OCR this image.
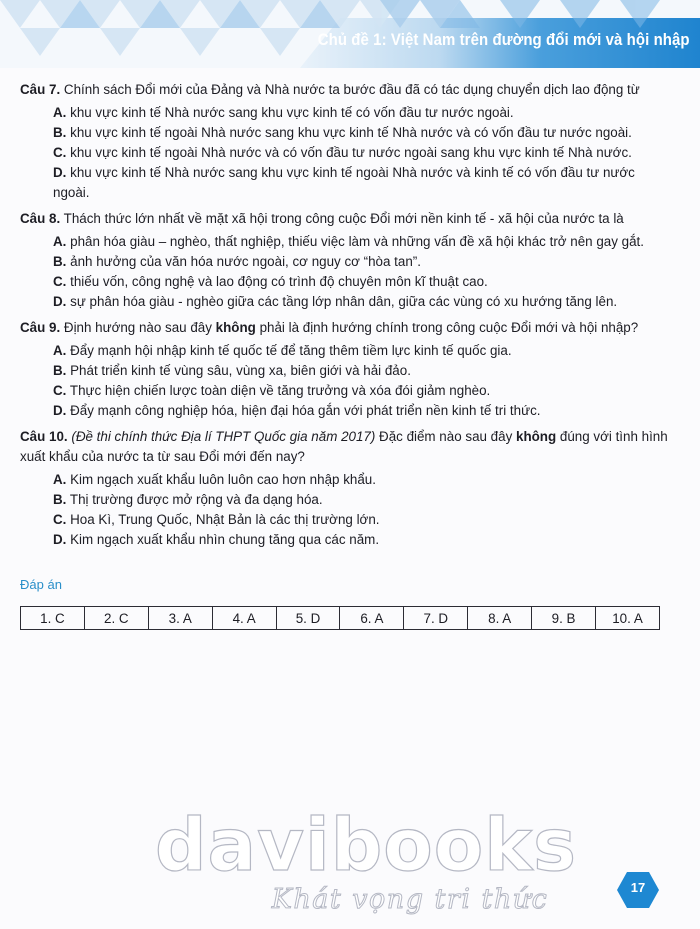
Chủ đề 1: Việt Nam trên đường đổi mới và hội nhập

Câu 7. Chính sách Đổi mới của Đảng và Nhà nước ta bước đầu đã có tác dụng chuyển dịch lao động từ

A. khu vực kinh tế Nhà nước sang khu vực kinh tế có vốn đầu tư nước ngoài.
B. khu vực kinh tế ngoài Nhà nước sang khu vực kinh tế Nhà nước và có vốn đầu tư nước ngoài.
C. khu vực kinh tế ngoài Nhà nước và có vốn đầu tư nước ngoài sang khu vực kinh tế Nhà nước.
D. khu vực kinh tế Nhà nước sang khu vực kinh tế ngoài Nhà nước và kinh tế có vốn đầu tư nước ngoài.

Câu 8. Thách thức lớn nhất về mặt xã hội trong công cuộc Đổi mới nền kinh tế - xã hội của nước ta là

A. phân hóa giàu – nghèo, thất nghiệp, thiếu việc làm và những vấn đề xã hội khác trở nên gay gắt.
B. ảnh hưởng của văn hóa nước ngoài, cơ nguy cơ “hòa tan”.
C. thiếu vốn, công nghệ và lao động có trình độ chuyên môn kĩ thuật cao.
D. sự phân hóa giàu - nghèo giữa các tầng lớp nhân dân, giữa các vùng có xu hướng tăng lên.

Câu 9. Định hướng nào sau đây không phải là định hướng chính trong công cuộc Đổi mới và hội nhập?

A. Đẩy mạnh hội nhập kinh tế quốc tế để tăng thêm tiềm lực kinh tế quốc gia.
B. Phát triển kinh tế vùng sâu, vùng xa, biên giới và hải đảo.
C. Thực hiện chiến lược toàn diện về tăng trưởng và xóa đói giảm nghèo.
D. Đẩy mạnh công nghiệp hóa, hiện đại hóa gắn với phát triển nền kinh tế tri thức.

Câu 10. (Đề thi chính thức Địa lí THPT Quốc gia năm 2017) Đặc điểm nào sau đây không đúng với tình hình xuất khẩu của nước ta từ sau Đổi mới đến nay?

A. Kim ngạch xuất khẩu luôn luôn cao hơn nhập khẩu.
B. Thị trường được mở rộng và đa dạng hóa.
C. Hoa Kì, Trung Quốc, Nhật Bản là các thị trường lớn.
D. Kim ngạch xuất khẩu nhìn chung tăng qua các năm.
Đáp án
1. C	2. C	3. A	4. A	5. D	6. A	7. D	8. A	9. B	10. A
davibooks
Khát vọng tri thức	17
